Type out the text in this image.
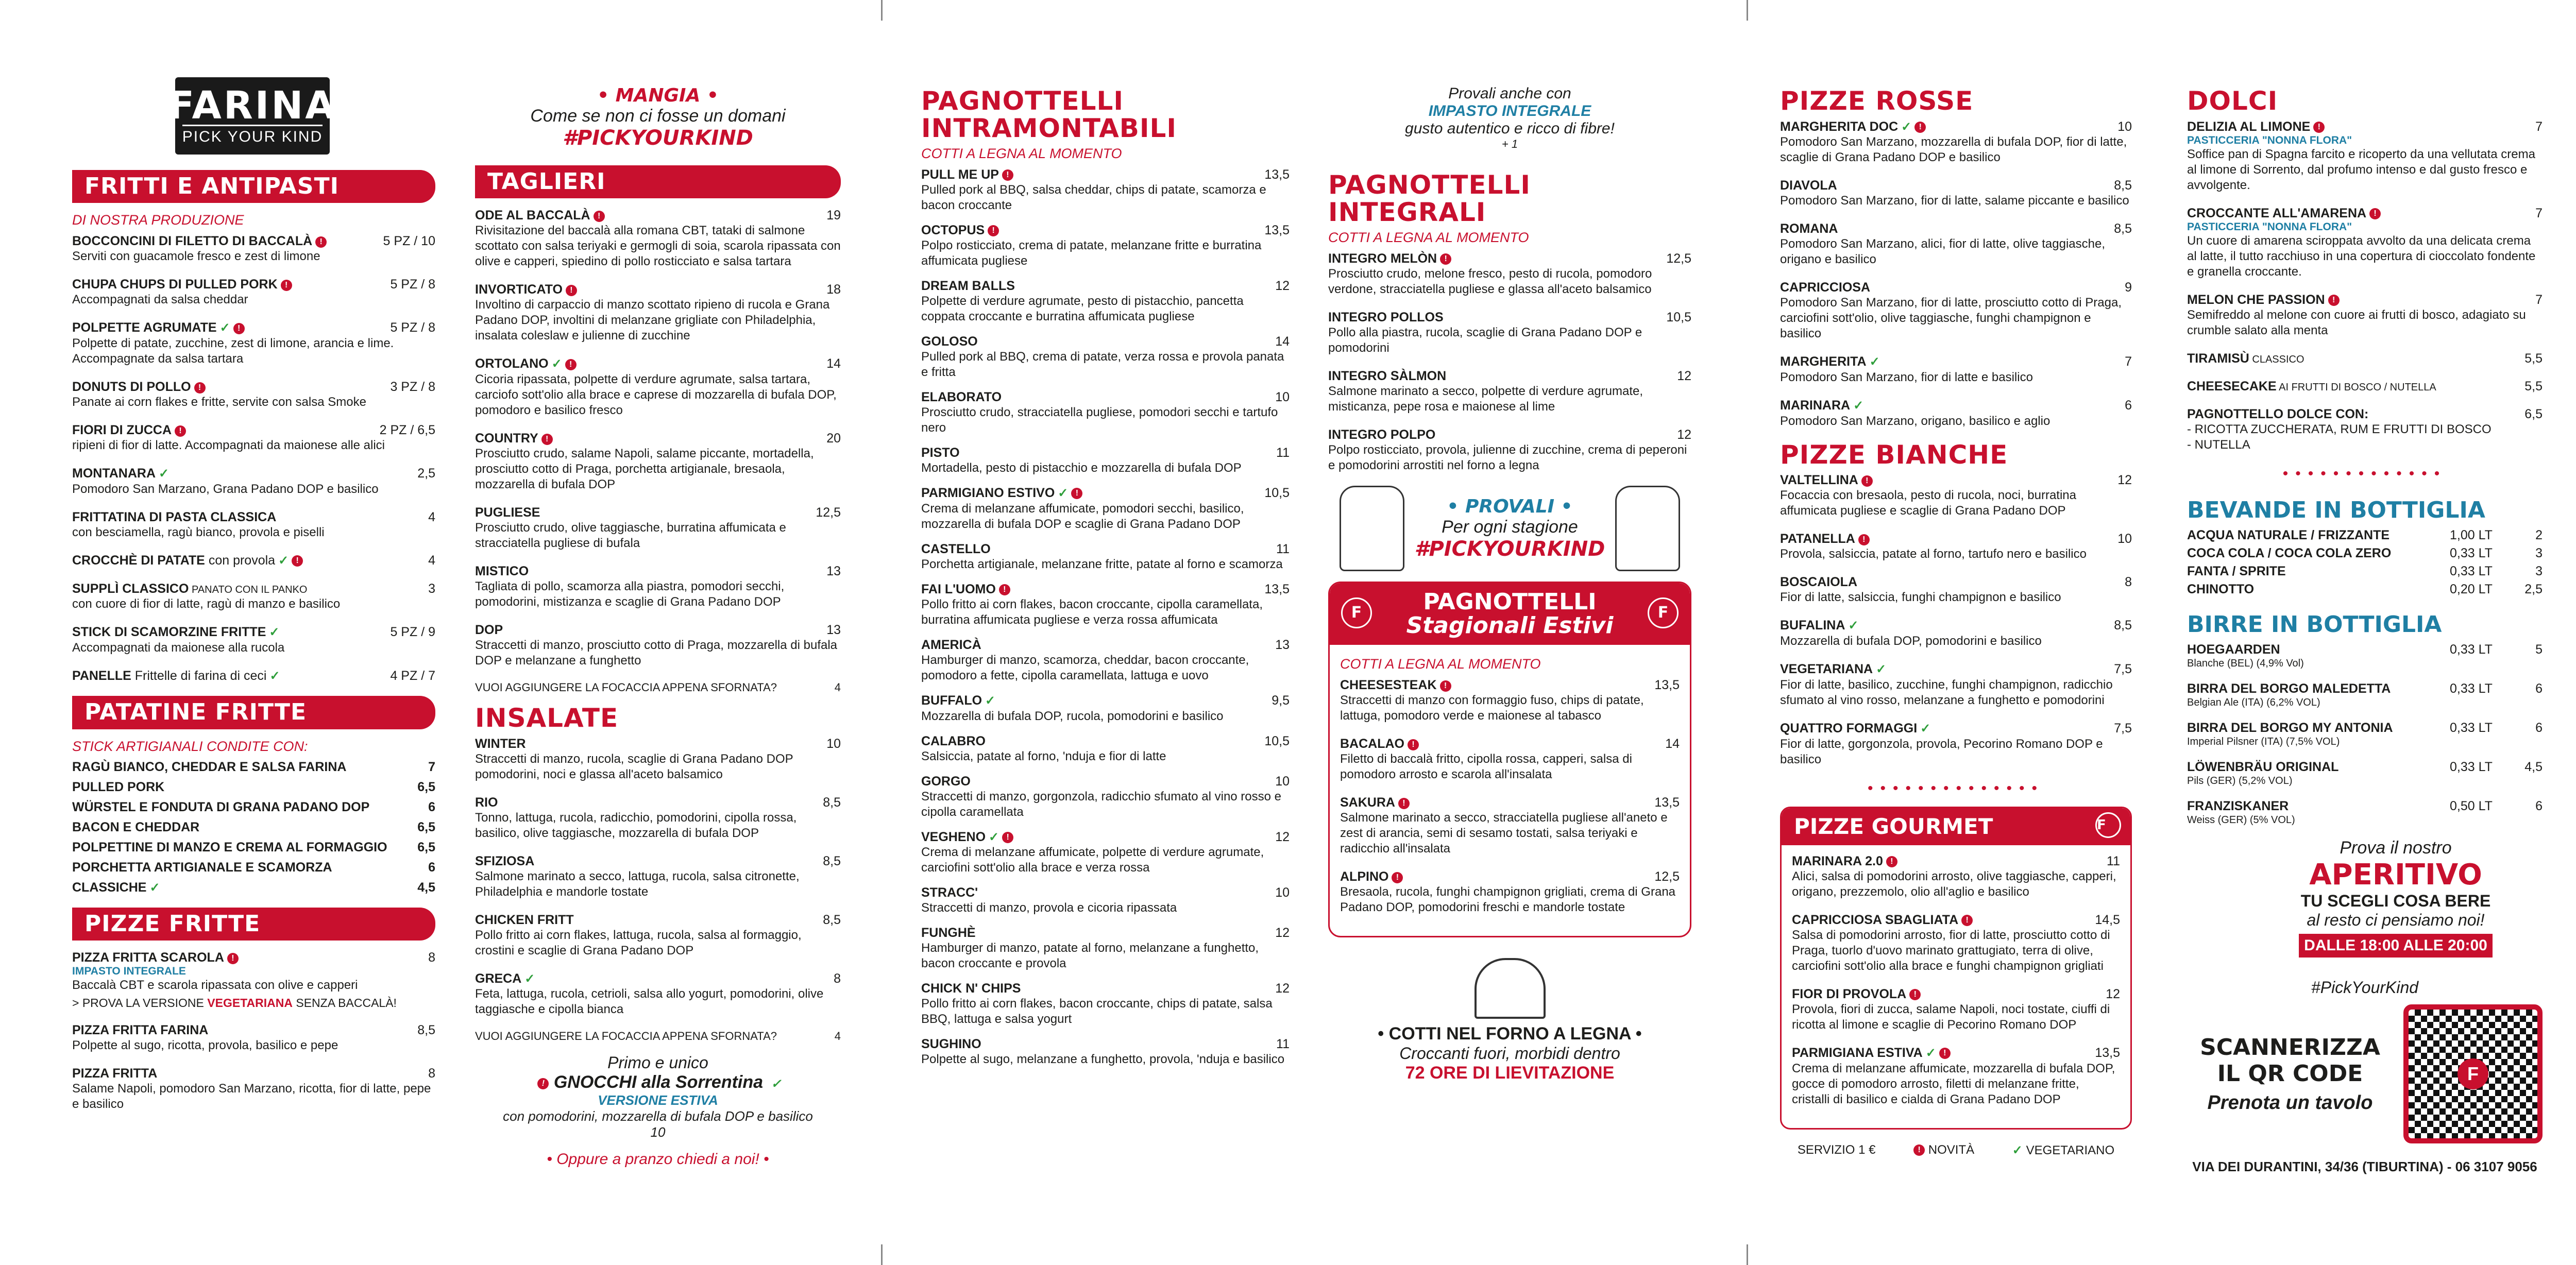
FARINA
PICK YOUR KIND
FRITTI E ANTIPASTI
DI NOSTRA PRODUZIONE
BOCCONCINI DI FILETTO DI BACCALÀ !	5 PZ / 10
Serviti con guacamole fresco e zest di limone
CHUPA CHUPS DI PULLED PORK !	5 PZ / 8
Accompagnati da salsa cheddar
POLPETTE AGRUMATE ✓ !	5 PZ / 8
Polpette di patate, zucchine, zest di limone, arancia e lime. Accompagnate da salsa tartara
DONUTS DI POLLO !	3 PZ / 8
Panate ai corn flakes e fritte, servite con salsa Smoke
FIORI DI ZUCCA !	2 PZ / 6,5
ripieni di fior di latte. Accompagnati da maionese alle alici
MONTANARA ✓	2,5
Pomodoro San Marzano, Grana Padano DOP e basilico
FRITTATINA DI PASTA CLASSICA	4
con besciamella, ragù bianco, provola e piselli
CROCCHÈ DI PATATE con provola ✓ !	4
SUPPLÌ CLASSICO PANATO CON IL PANKO	3
con cuore di fior di latte, ragù di manzo e basilico
STICK DI SCAMORZINE FRITTE ✓	5 PZ / 9
Accompagnati da maionese alla rucola
PANELLE Frittelle di farina di ceci ✓	4 PZ / 7
PATATINE FRITTE
STICK ARTIGIANALI CONDITE CON:
RAGÙ BIANCO, CHEDDAR E SALSA FARINA	7
PULLED PORK	6,5
WÜRSTEL E FONDUTA DI GRANA PADANO DOP	6
BACON E CHEDDAR	6,5
POLPETTINE DI MANZO E CREMA AL FORMAGGIO 6,5
PORCHETTA ARTIGIANALE E SCAMORZA	6
CLASSICHE ✓	4,5
PIZZE FRITTE
PIZZA FRITTA SCAROLA !	8
IMPASTO INTEGRALE
Baccalà CBT e scarola ripassata con olive e capperi
> PROVA LA VERSIONE VEGETARIANA SENZA BACCALÀ!
PIZZA FRITTA FARINA	8,5
Polpette al sugo, ricotta, provola, basilico e pepe
PIZZA FRITTA	8
Salame Napoli, pomodoro San Marzano, ricotta, fior di latte, pepe e basilico
• MANGIA •
Come se non ci fosse un domani
#PICKYOURKIND
TAGLIERI
ODE AL BACCALÀ !	19
Rivisitazione del baccalà alla romana CBT, tataki di salmone scottato con salsa teriyaki e germogli di soia, scarola ripassata con olive e capperi, spiedino di pollo rosticciato e salsa tartara
INVORTICATO !	18
Involtino di carpaccio di manzo scottato ripieno di rucola e Grana Padano DOP, involtini di melanzane grigliate con Philadelphia, insalata coleslaw e julienne di zucchine
ORTOLANO ✓ !	14
Cicoria ripassata, polpette di verdure agrumate, salsa tartara, carciofo sott'olio alla brace e caprese di mozzarella di bufala DOP, pomodoro e basilico fresco
COUNTRY !	20
Prosciutto crudo, salame Napoli, salame piccante, mortadella, prosciutto cotto di Praga, porchetta artigianale, bresaola, mozzarella di bufala DOP
PUGLIESE	12,5
Prosciutto crudo, olive taggiasche, burratina affumicata e stracciatella pugliese di bufala
MISTICO	13
Tagliata di pollo, scamorza alla piastra, pomodori secchi, pomodorini, mistizanza e scaglie di Grana Padano DOP
DOP	13
Straccetti di manzo, prosciutto cotto di Praga, mozzarella di bufala DOP e melanzane a funghetto
VUOI AGGIUNGERE LA FOCACCIA APPENA SFORNATA?	4
INSALATE
WINTER	10
Straccetti di manzo, rucola, scaglie di Grana Padano DOP pomodorini, noci e glassa all'aceto balsamico
RIO	8,5
Tonno, lattuga, rucola, radicchio, pomodorini, cipolla rossa, basilico, olive taggiasche, mozzarella di bufala DOP
SFIZIOSA	8,5
Salmone marinato a secco, lattuga, rucola, salsa citronette, Philadelphia e mandorle tostate
CHICKEN FRITT	8,5
Pollo fritto ai corn flakes, lattuga, rucola, salsa al formaggio, crostini e scaglie di Grana Padano DOP
GRECA ✓	8
Feta, lattuga, rucola, cetrioli, salsa allo yogurt, pomodorini, olive taggiasche e cipolla bianca
VUOI AGGIUNGERE LA FOCACCIA APPENA SFORNATA?	4
Primo e unico
! GNOCCHI alla Sorrentina ✓
VERSIONE ESTIVA
con pomodorini, mozzarella di bufala DOP e basilico
10
• Oppure a pranzo chiedi a noi! •
PAGNOTTELLI INTRAMONTABILI
COTTI A LEGNA AL MOMENTO
PULL ME UP !	13,5
Pulled pork al BBQ, salsa cheddar, chips di patate, scamorza e bacon croccante
OCTOPUS !	13,5
Polpo rosticciato, crema di patate, melanzane fritte e burratina affumicata pugliese
DREAM BALLS	12
Polpette di verdure agrumate, pesto di pistacchio, pancetta coppata croccante e burratina affumicata pugliese
GOLOSO	14
Pulled pork al BBQ, crema di patate, verza rossa e provola panata e fritta
ELABORATO	10
Prosciutto crudo, stracciatella pugliese, pomodori secchi e tartufo nero
PISTO	11
Mortadella, pesto di pistacchio e mozzarella di bufala DOP
PARMIGIANO ESTIVO ✓ !	10,5
Crema di melanzane affumicate, pomodori secchi, basilico, mozzarella di bufala DOP e scaglie di Grana Padano DOP
CASTELLO	11
Porchetta artigianale, melanzane fritte, patate al forno e scamorza
FAI L'UOMO !	13,5
Pollo fritto ai corn flakes, bacon croccante, cipolla caramellata, burratina affumicata pugliese e verza rossa affumicata
AMERICÀ	13
Hamburger di manzo, scamorza, cheddar, bacon croccante, pomodoro a fette, cipolla caramellata, lattuga e uovo
BUFFALO ✓	9,5
Mozzarella di bufala DOP, rucola, pomodorini e basilico
CALABRO	10,5
Salsiccia, patate al forno, 'nduja e fior di latte
GORGO	10
Straccetti di manzo, gorgonzola, radicchio sfumato al vino rosso e cipolla caramellata
VEGHENO ✓ !	12
Crema di melanzane affumicate, polpette di verdure agrumate, carciofini sott'olio alla brace e verza rossa
STRACC'	10
Straccetti di manzo, provola e cicoria ripassata
FUNGHÈ	12
Hamburger di manzo, patate al forno, melanzane a funghetto, bacon croccante e provola
CHICK N' CHIPS	12
Pollo fritto ai corn flakes, bacon croccante, chips di patate, salsa BBQ, lattuga e salsa yogurt
SUGHINO	11
Polpette al sugo, melanzane a funghetto, provola, 'nduja e basilico
Provali anche con
IMPASTO INTEGRALE
gusto autentico e ricco di fibre!
+ 1
PAGNOTTELLI INTEGRALI
COTTI A LEGNA AL MOMENTO
INTEGRO MELÒN !	12,5
Prosciutto crudo, melone fresco, pesto di rucola, pomodoro verdone, stracciatella pugliese e glassa all'aceto balsamico
INTEGRO POLLOS	10,5
Pollo alla piastra, rucola, scaglie di Grana Padano DOP e pomodorini
INTEGRO SÀLMON	12
Salmone marinato a secco, polpette di verdure agrumate, misticanza, pepe rosa e maionese al lime
INTEGRO POLPO	12
Polpo rosticciato, provola, julienne di zucchine, crema di peperoni e pomodorini arrostiti nel forno a legna
• PROVALI •
Per ogni stagione
#PICKYOURKIND
F	PAGNOTTELLI
Stagionali Estivi	F
COTTI A LEGNA AL MOMENTO
CHEESESTEAK !	13,5
Straccetti di manzo con formaggio fuso, chips di patate, lattuga, pomodoro verde e maionese al tabasco
BACALAO !	14
Filetto di baccalà fritto, cipolla rossa, capperi, salsa di pomodoro arrosto e scarola all'insalata
SAKURA !	13,5
Salmone marinato a secco, stracciatella pugliese all'aneto e zest di arancia, semi di sesamo tostati, salsa teriyaki e radicchio all'insalata
ALPINO !	12,5
Bresaola, rucola, funghi champignon grigliati, crema di Grana Padano DOP, pomodorini freschi e mandorle tostate
• COTTI NEL FORNO A LEGNA •
Croccanti fuori, morbidi dentro
72 ORE DI LIEVITAZIONE
PIZZE ROSSE
MARGHERITA DOC ✓ !	10
Pomodoro San Marzano, mozzarella di bufala DOP, fior di latte, scaglie di Grana Padano DOP e basilico
DIAVOLA	8,5
Pomodoro San Marzano, fior di latte, salame piccante e basilico
ROMANA	8,5
Pomodoro San Marzano, alici, fior di latte, olive taggiasche, origano e basilico
CAPRICCIOSA	9
Pomodoro San Marzano, fior di latte, prosciutto cotto di Praga, carciofini sott'olio, olive taggiasche, funghi champignon e basilico
MARGHERITA ✓	7
Pomodoro San Marzano, fior di latte e basilico
MARINARA ✓	6
Pomodoro San Marzano, origano, basilico e aglio
PIZZE BIANCHE
VALTELLINA !	12
Focaccia con bresaola, pesto di rucola, noci, burratina affumicata pugliese e scaglie di Grana Padano DOP
PATANELLA !	10
Provola, salsiccia, patate al forno, tartufo nero e basilico
BOSCAIOLA	8
Fior di latte, salsiccia, funghi champignon e basilico
BUFALINA ✓	8,5
Mozzarella di bufala DOP, pomodorini e basilico
VEGETARIANA ✓	7,5
Fior di latte, basilico, zucchine, funghi champignon, radicchio sfumato al vino rosso, melanzane a funghetto e pomodorini
QUATTRO FORMAGGI ✓	7,5
Fior di latte, gorgonzola, provola, Pecorino Romano DOP e basilico
••••••••••••••
PIZZE GOURMET	F
MARINARA 2.0 !	11
Alici, salsa di pomodorini arrosto, olive taggiasche, capperi, origano, prezzemolo, olio all'aglio e basilico
CAPRICCIOSA SBAGLIATA !	14,5
Salsa di pomodorini arrosto, fior di latte, prosciutto cotto di Praga, tuorlo d'uovo marinato grattugiato, terra di olive, carciofini sott'olio alla brace e funghi champignon grigliati
FIOR DI PROVOLA !	12
Provola, fiori di zucca, salame Napoli, noci tostate, ciuffi di ricotta al limone e scaglie di Pecorino Romano DOP
PARMIGIANA ESTIVA ✓ !	13,5
Crema di melanzane affumicate, mozzarella di bufala DOP, gocce di pomodoro arrosto, filetti di melanzane fritte, cristalli di basilico e cialda di Grana Padano DOP
SERVIZIO 1 €	! NOVITÀ	✓ VEGETARIANO
DOLCI
DELIZIA AL LIMONE !	7
PASTICCERIA "NONNA FLORA"
Soffice pan di Spagna farcito e ricoperto da una vellutata crema al limone di Sorrento, dal profumo intenso e dal gusto fresco e avvolgente.
CROCCANTE ALL'AMARENA !	7
PASTICCERIA "NONNA FLORA"
Un cuore di amarena sciroppata avvolto da una delicata crema al latte, il tutto racchiuso in una copertura di cioccolato fondente e granella croccante.
MELON CHE PASSION !	7
Semifreddo al melone con cuore ai frutti di bosco, adagiato su crumble salato alla menta
TIRAMISÙ CLASSICO	5,5
CHEESECAKE AI FRUTTI DI BOSCO / NUTELLA	5,5
PAGNOTTELLO DOLCE CON:	6,5
- RICOTTA ZUCCHERATA, RUM E FRUTTI DI BOSCO
- NUTELLA
•••••••••••••
BEVANDE IN BOTTIGLIA
ACQUA NATURALE / FRIZZANTE	1,00 LT	2
COCA COLA / COCA COLA ZERO	0,33 LT	3
FANTA / SPRITE	0,33 LT	3
CHINOTTO	0,20 LT	2,5
BIRRE IN BOTTIGLIA
HOEGAARDEN	0,33 LT	5
Blanche (BEL) (4,9% Vol)
BIRRA DEL BORGO MALEDETTA	0,33 LT	6
Belgian Ale (ITA) (6,2% VOL)
BIRRA DEL BORGO MY ANTONIA	0,33 LT	6
Imperial Pilsner (ITA) (7,5% VOL)
LÖWENBRÄU ORIGINAL	0,33 LT	4,5
Pils (GER) (5,2% VOL)
FRANZISKANER	0,50 LT	6
Weiss (GER) (5% VOL)
Prova il nostro
APERITIVO
TU SCEGLI COSA BERE
al resto ci pensiamo noi!
DALLE 18:00 ALLE 20:00
#PickYourKind
SCANNERIZZA
IL QR CODE
Prenota un tavolo
F
VIA DEI DURANTINI, 34/36 (TIBURTINA) - 06 3107 9056
